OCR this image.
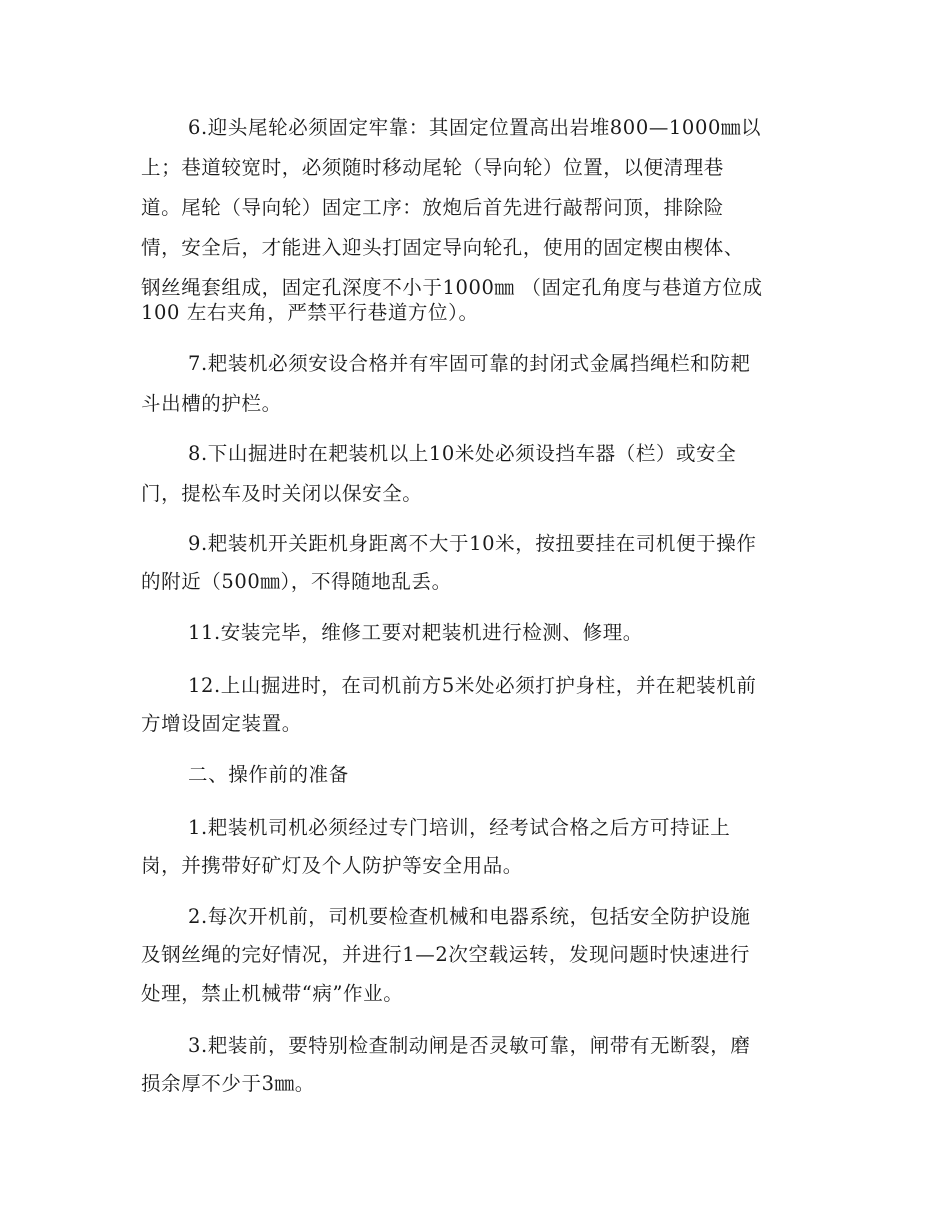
6.迎头尾轮必须固定牢靠：其固定位置高出岩堆800—1000㎜以
上；巷道较宽时，必须随时移动尾轮（导向轮）位置，以便清理巷
道。尾轮（导向轮）固定工序：放炮后首先进行敲帮问顶，排除险
情，安全后，才能进入迎头打固定导向轮孔，使用的固定楔由楔体、
钢丝绳套组成，固定孔深度不小于1000㎜ （固定孔角度与巷道方位成
100 左右夹角，严禁平行巷道方位）。
7.耙装机必须安设合格并有牢固可靠的封闭式金属挡绳栏和防耙
斗出槽的护栏。
8.下山掘进时在耙装机以上10米处必须设挡车器（栏）或安全
门，提松车及时关闭以保安全。
9.耙装机开关距机身距离不大于10米，按扭要挂在司机便于操作
的附近（500㎜），不得随地乱丢。
11.安装完毕，维修工要对耙装机进行检测、修理。
12.上山掘进时，在司机前方5米处必须打护身柱，并在耙装机前
方增设固定装置。
二、操作前的准备
1.耙装机司机必须经过专门培训，经考试合格之后方可持证上
岗，并携带好矿灯及个人防护等安全用品。
2.每次开机前，司机要检查机械和电器系统，包括安全防护设施
及钢丝绳的完好情况，并进行1—2次空载运转，发现问题时快速进行
处理，禁止机械带“病”作业。
3.耙装前，要特别检查制动闸是否灵敏可靠，闸带有无断裂，磨
损余厚不少于3㎜。
